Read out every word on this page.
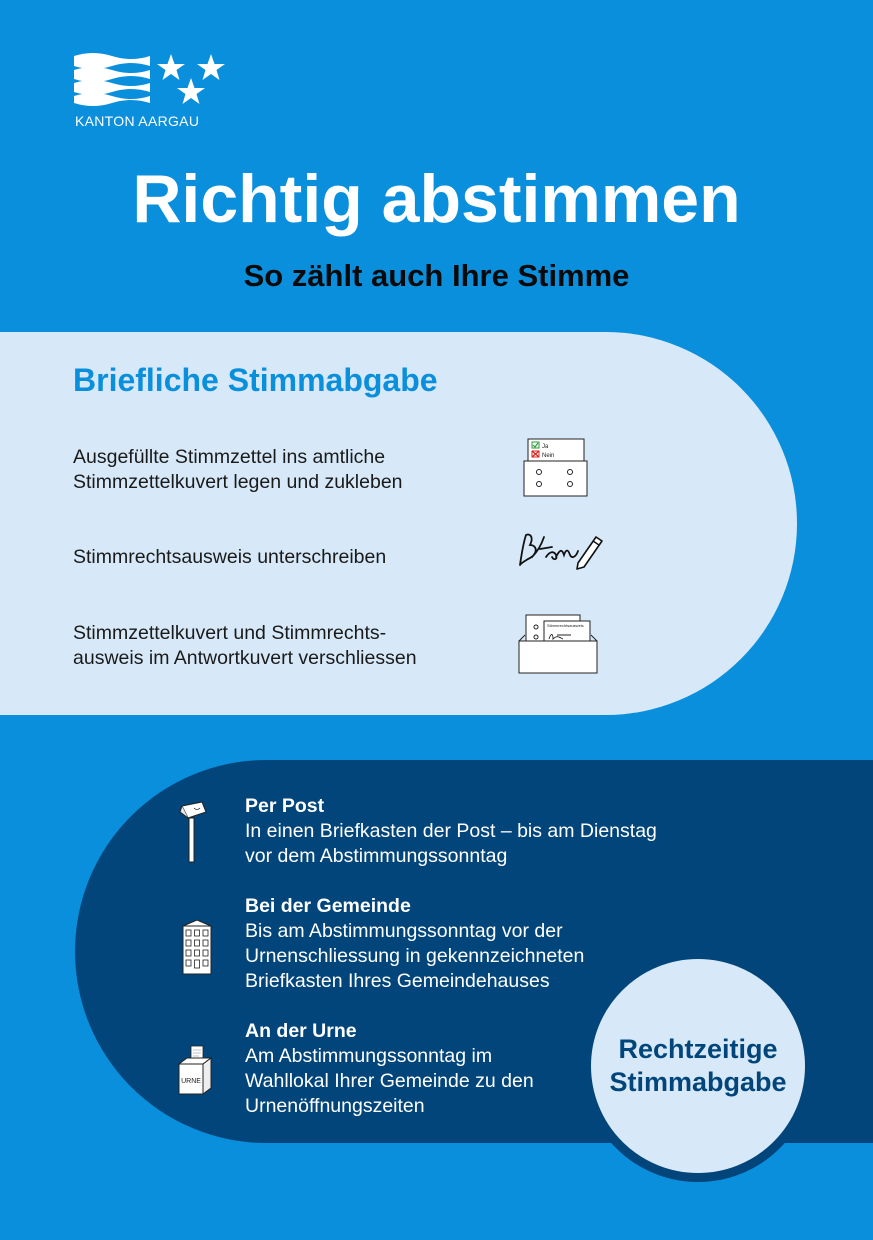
KANTON AARGAU
Richtig abstimmen
So zählt auch Ihre Stimme
Briefliche Stimmabgabe
Ausgefüllte Stimmzettel ins amtliche
Stimmzettelkuvert legen und zukleben
Stimmrechtsausweis unterschreiben
Stimmzettelkuvert und Stimmrechts-
ausweis im Antwortkuvert verschliessen
Ja
Nein
Stimmrechtsausweis
URNE
Per Post
In einen Briefkasten der Post – bis am Dienstag
vor dem Abstimmungssonntag
Bei der Gemeinde
Bis am Abstimmungssonntag vor der
Urnenschliessung in gekennzeichneten
Briefkasten Ihres Gemeindehauses
An der Urne
Am Abstimmungssonntag im
Wahllokal Ihrer Gemeinde zu den
Urnenöffnungszeiten
Rechtzeitige
Stimmabgabe
